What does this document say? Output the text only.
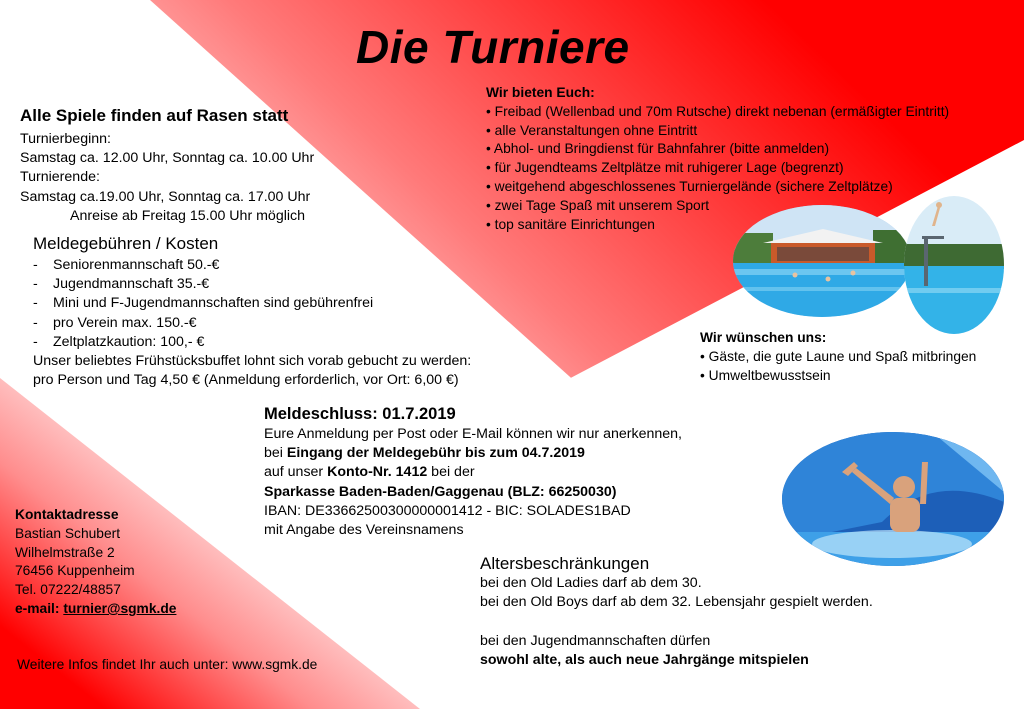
Die Turniere
Alle Spiele finden auf Rasen statt
Turnierbeginn:
Samstag ca. 12.00 Uhr, Sonntag ca. 10.00 Uhr
Turnierende:
Samstag ca.19.00 Uhr, Sonntag ca. 17.00 Uhr
Anreise ab Freitag 15.00 Uhr möglich
Wir bieten Euch:
• Freibad (Wellenbad und 70m Rutsche) direkt nebenan (ermäßigter Eintritt)
• alle Veranstaltungen ohne Eintritt
• Abhol- und Bringdienst für Bahnfahrer (bitte anmelden)
• für Jugendteams Zeltplätze mit ruhigerer Lage (begrenzt)
• weitgehend abgeschlossenes Turniergelände (sichere Zeltplätze)
• zwei Tage Spaß mit unserem Sport
• top sanitäre Einrichtungen
Meldegebühren / Kosten
- Seniorenmannschaft 50.-€
- Jugendmannschaft 35.-€
- Mini und F-Jugendmannschaften sind gebührenfrei
- pro Verein max. 150.-€
- Zeltplatzkaution: 100,- €
Unser beliebtes Frühstücksbuffet lohnt sich vorab gebucht zu werden:
pro Person und Tag 4,50 € (Anmeldung erforderlich, vor Ort: 6,00 €)
Wir wünschen uns:
• Gäste, die gute Laune und Spaß mitbringen
• Umweltbewusstsein
Meldeschluss: 01.7.2019
Eure Anmeldung per Post oder E-Mail können wir nur anerkennen,
bei Eingang der Meldegebühr bis zum 04.7.2019
auf unser Konto-Nr. 1412 bei der
Sparkasse Baden-Baden/Gaggenau (BLZ: 66250030)
IBAN: DE33662500300000001412 - BIC: SOLADES1BAD
mit Angabe des Vereinsnamens
Kontaktadresse
Bastian Schubert
Wilhelmstraße 2
76456 Kuppenheim
Tel. 07222/48857
e-mail: turnier@sgmk.de
Weitere Infos findet Ihr auch unter: www.sgmk.de
Altersbeschränkungen
bei den Old Ladies darf ab dem 30.
bei den Old Boys darf ab dem 32. Lebensjahr gespielt werden.

bei den Jugendmannschaften dürfen
sowohl alte, als auch neue Jahrgänge mitspielen
